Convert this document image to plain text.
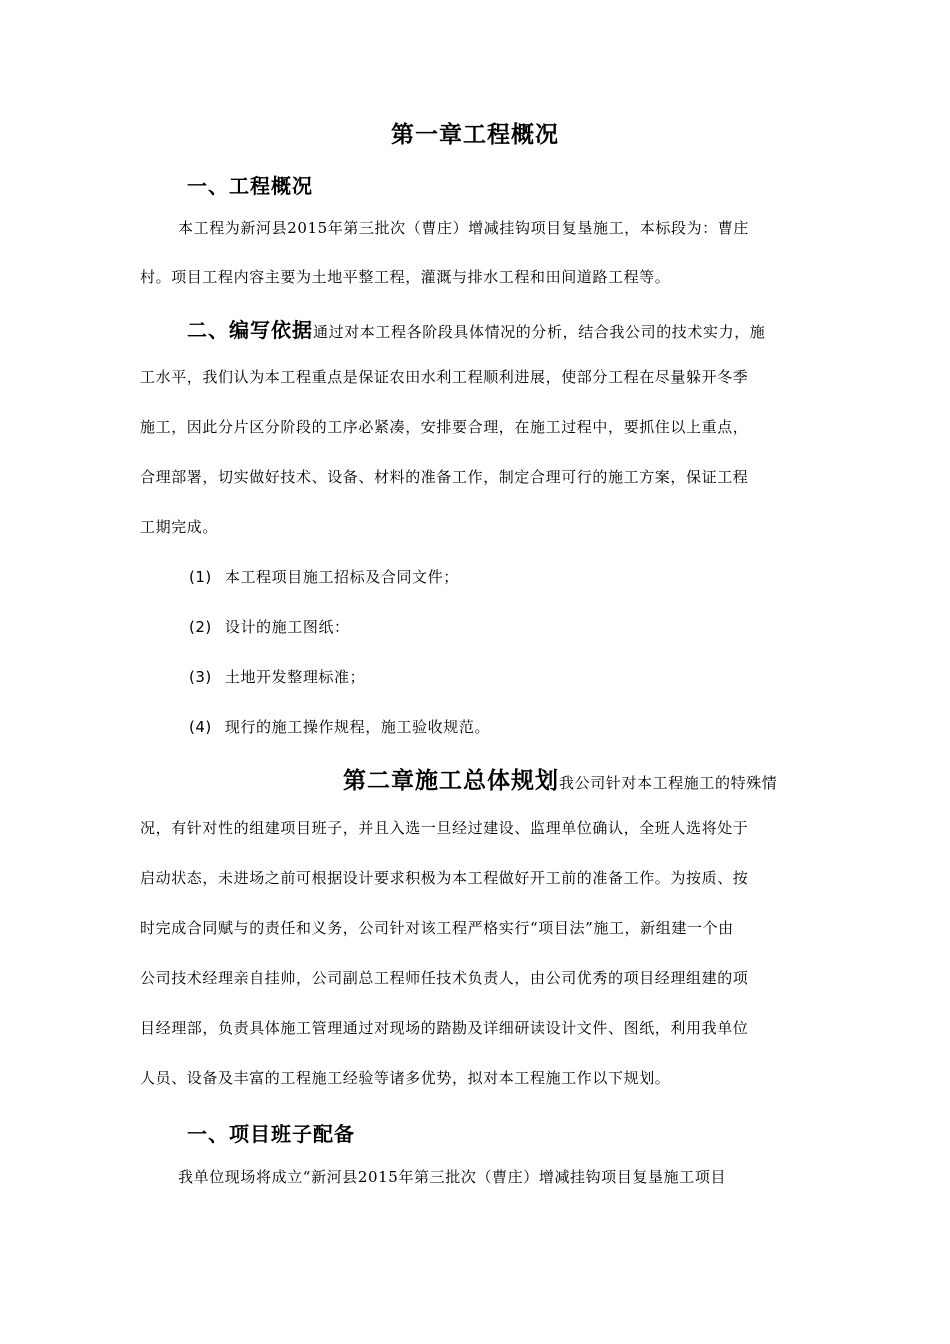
第一章工程概况
一、工程概况
本工程为新河县2015年第三批次（曹庄）增减挂钩项目复垦施工，本标段为：曹庄
村。项目工程内容主要为土地平整工程，灌溉与排水工程和田间道路工程等。
二、编写依据通过对本工程各阶段具体情况的分析，结合我公司的技术实力，施
工水平，我们认为本工程重点是保证农田水利工程顺利进展，使部分工程在尽量躲开冬季
施工，因此分片区分阶段的工序必紧凑，安排要合理，在施工过程中，要抓住以上重点，
合理部署，切实做好技术、设备、材料的准备工作，制定合理可行的施工方案，保证工程
工期完成。
(1) 本工程项目施工招标及合同文件；
(2) 设计的施工图纸：
(3) 土地开发整理标准；
(4) 现行的施工操作规程，施工验收规范。
第二章施工总体规划我公司针对本工程施工的特殊情
况，有针对性的组建项目班子，并且入选一旦经过建设、监理单位确认，全班人选将处于
启动状态，未进场之前可根据设计要求积极为本工程做好开工前的准备工作。为按质、按
时完成合同赋与的责任和义务，公司针对该工程严格实行“项目法”施工，新组建一个由
公司技术经理亲自挂帅，公司副总工程师任技术负责人，由公司优秀的项目经理组建的项
目经理部，负责具体施工管理通过对现场的踏勘及详细研读设计文件、图纸，利用我单位
人员、设备及丰富的工程施工经验等诸多优势，拟对本工程施工作以下规划。
一、项目班子配备
我单位现场将成立“新河县2015年第三批次（曹庄）增减挂钩项目复垦施工项目
